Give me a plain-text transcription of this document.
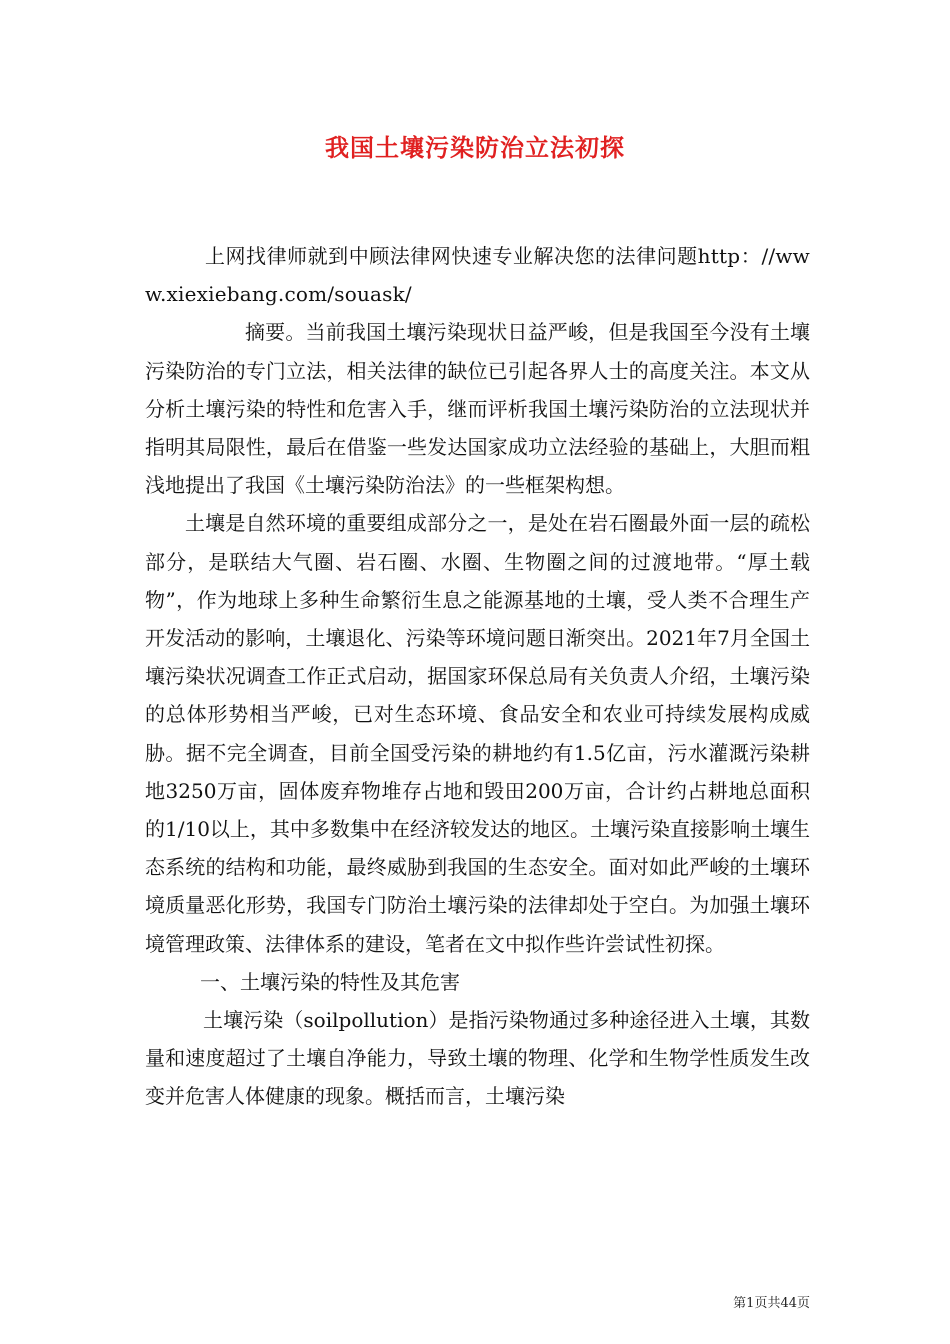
我国土壤污染防治立法初探

上网找律师就到中顾法律网快速专业解决您的法律问题http：//www.xiexiebang.com/souask/

摘要。当前我国土壤污染现状日益严峻，但是我国至今没有土壤污染防治的专门立法，相关法律的缺位已引起各界人士的高度关注。本文从分析土壤污染的特性和危害入手，继而评析我国土壤污染防治的立法现状并指明其局限性，最后在借鉴一些发达国家成功立法经验的基础上，大胆而粗浅地提出了我国《土壤污染防治法》的一些框架构想。

土壤是自然环境的重要组成部分之一，是处在岩石圈最外面一层的疏松部分，是联结大气圈、岩石圈、水圈、生物圈之间的过渡地带。“厚土载物”，作为地球上多种生命繁衍生息之能源基地的土壤，受人类不合理生产开发活动的影响，土壤退化、污染等环境问题日渐突出。2021年7月全国土壤污染状况调查工作正式启动，据国家环保总局有关负责人介绍，土壤污染的总体形势相当严峻，已对生态环境、食品安全和农业可持续发展构成威胁。据不完全调查，目前全国受污染的耕地约有1.5亿亩，污水灌溉污染耕地3250万亩，固体废弃物堆存占地和毁田200万亩，合计约占耕地总面积的1/10以上，其中多数集中在经济较发达的地区。土壤污染直接影响土壤生态系统的结构和功能，最终威胁到我国的生态安全。面对如此严峻的土壤环境质量恶化形势，我国专门防治土壤污染的法律却处于空白。为加强土壤环境管理政策、法律体系的建设，笔者在文中拟作些许尝试性初探。

一、土壤污染的特性及其危害

土壤污染（soilpollution）是指污染物通过多种途径进入土壤，其数量和速度超过了土壤自净能力，导致土壤的物理、化学和生物学性质发生改变并危害人体健康的现象。概括而言，土壤污染

第1页共44页
